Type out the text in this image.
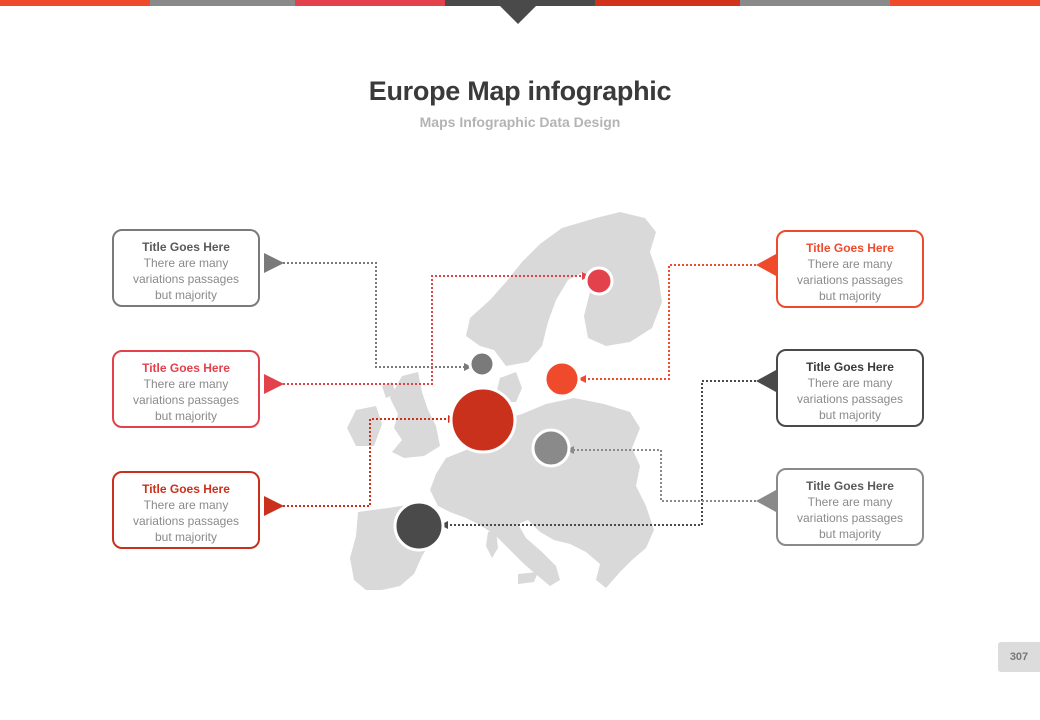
Europe Map infographic
Maps Infographic Data Design
Title Goes Here
There are many variations passages but majority
Title Goes Here
There are many variations passages but majority
Title Goes Here
There are many variations passages but majority
Title Goes Here
There are many variations passages but majority
Title Goes Here
There are many variations passages but majority
Title Goes Here
There are many variations passages but majority
307
